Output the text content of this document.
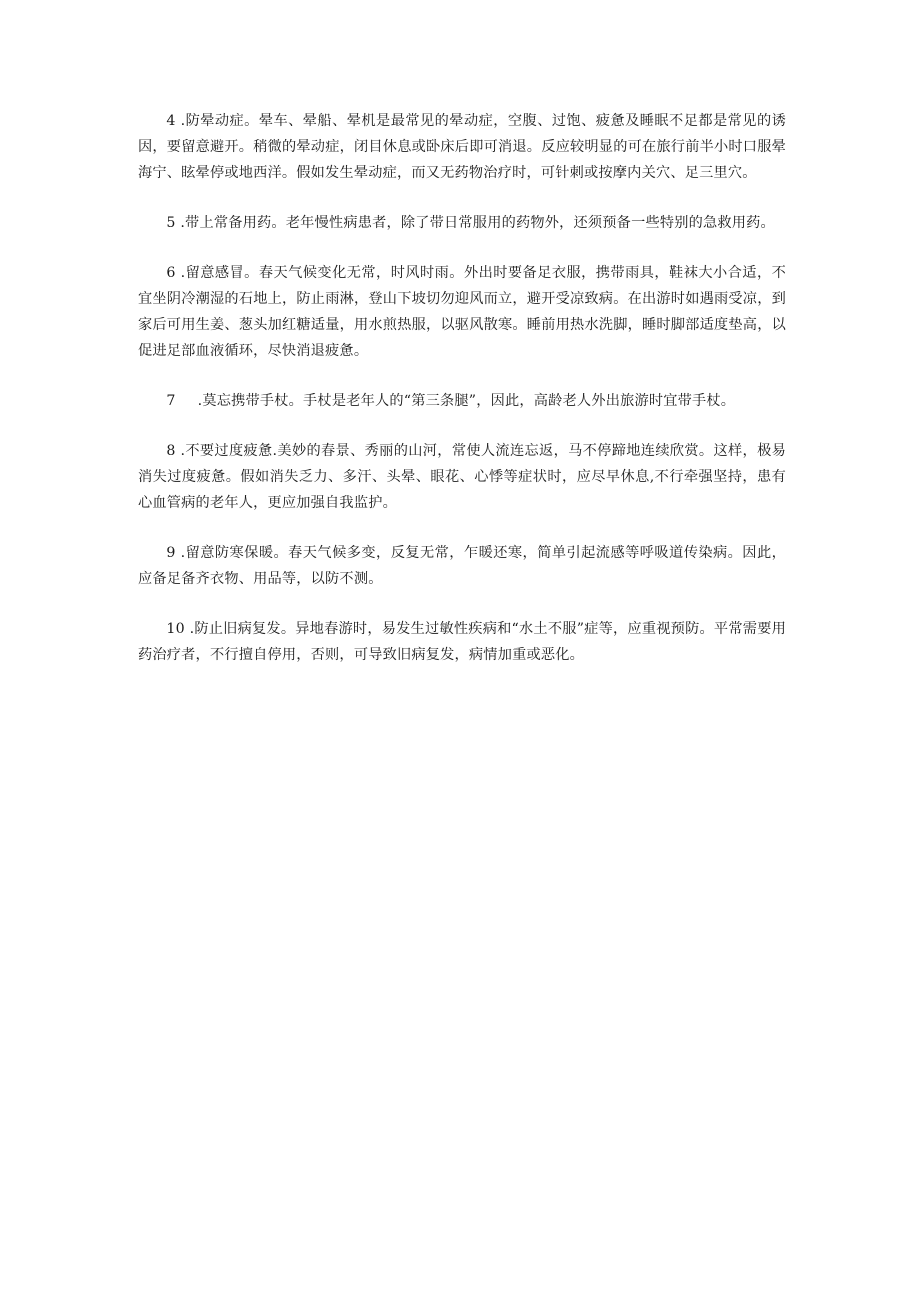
4 .防晕动症。晕车、晕船、晕机是最常见的晕动症，空腹、过饱、疲惫及睡眠不足都是常见的诱因，要留意避开。稍微的晕动症，闭目休息或卧床后即可消退。反应较明显的可在旅行前半小时口服晕海宁、眩晕停或地西洋。假如发生晕动症，而又无药物治疗时，可针刺或按摩内关穴、足三里穴。

5 .带上常备用药。老年慢性病患者，除了带日常服用的药物外，还须预备一些特别的急救用药。

6 .留意感冒。春天气候变化无常，时风时雨。外出时要备足衣服，携带雨具，鞋袜大小合适，不宜坐阴冷潮湿的石地上，防止雨淋，登山下坡切勿迎风而立，避开受凉致病。在出游时如遇雨受凉，到家后可用生姜、葱头加红糖适量，用水煎热服，以驱风散寒。睡前用热水洗脚，睡时脚部适度垫高，以促进足部血液循环，尽快消退疲惫。

7 .莫忘携带手杖。手杖是老年人的“第三条腿”，因此，高龄老人外出旅游时宜带手杖。

8 .不要过度疲惫.美妙的春景、秀丽的山河，常使人流连忘返，马不停蹄地连续欣赏。这样，极易消失过度疲惫。假如消失乏力、多汗、头晕、眼花、心悸等症状时，应尽早休息,不行牵强坚持，患有心血管病的老年人，更应加强自我监护。

9 .留意防寒保暖。春天气候多变，反复无常，乍暖还寒，简单引起流感等呼吸道传染病。因此，应备足备齐衣物、用品等，以防不测。

10 .防止旧病复发。异地春游时，易发生过敏性疾病和“水土不服”症等，应重视预防。平常需要用药治疗者，不行擅自停用，否则，可导致旧病复发，病情加重或恶化。
